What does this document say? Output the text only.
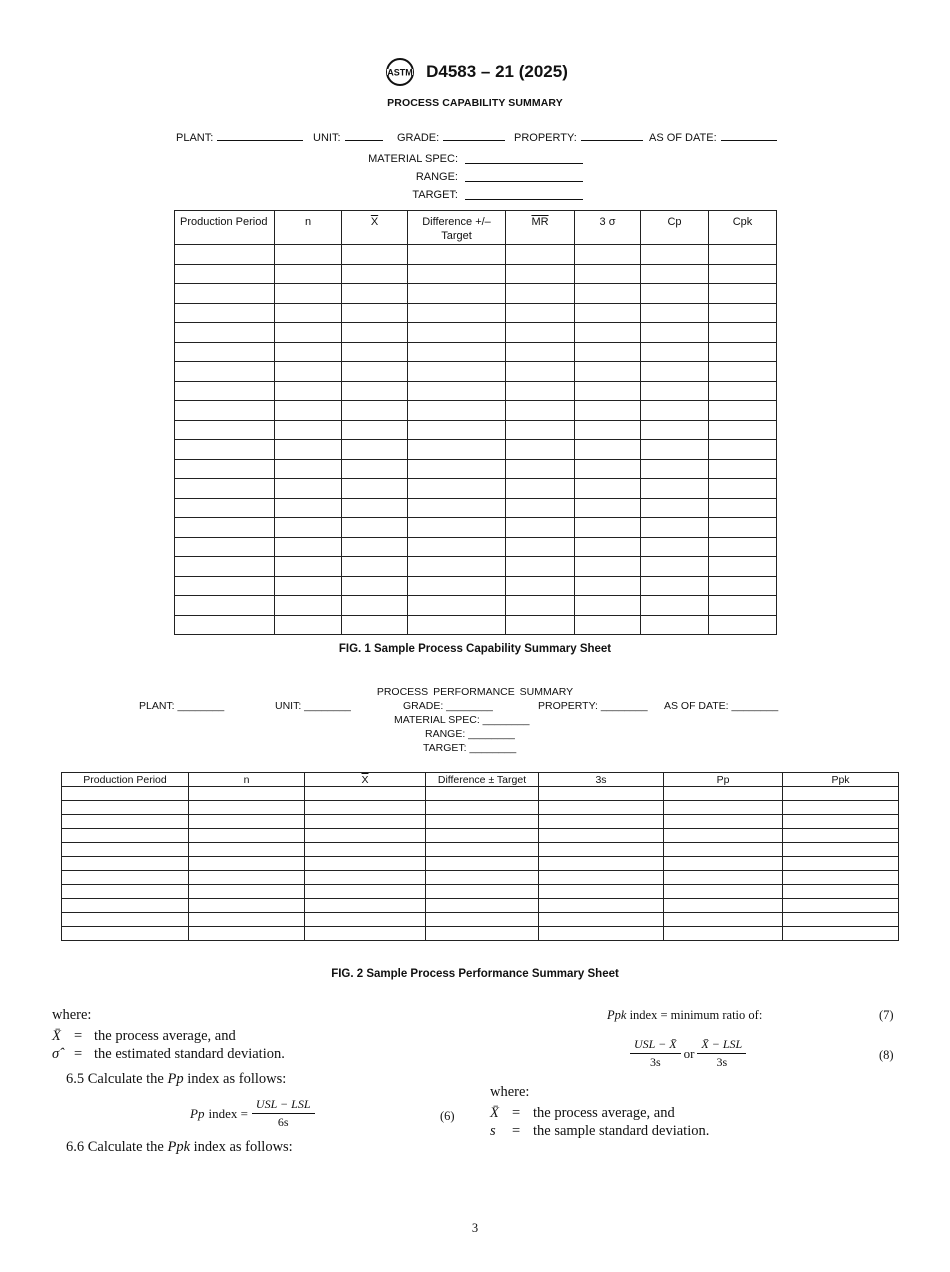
ASTM D4583 – 21 (2025)
PROCESS CAPABILITY SUMMARY
PLANT:	UNIT:	GRADE:	PROPERTY:	AS OF DATE:
MATERIAL SPEC:
RANGE:
TARGET:
Production Period	n	$\overline{X}$	Difference +/– Target	$\overline{MR}$	3 σ	Cp	Cpk

FIG. 1 Sample Process Capability Summary Sheet
PROCESS PERFORMANCE SUMMARY
PLANT: ________	UNIT: ________	GRADE: ________	PROPERTY: ________ AS OF DATE: ________
MATERIAL SPEC: ________
RANGE: ________
TARGET: ________
Production Period	n	$\overline{X}$	Difference ± Target	3s	Pp	Ppk

FIG. 2 Sample Process Performance Summary Sheet
where:
X̄ = the process average, and
σ̂ = the estimated standard deviation.
6.5 Calculate the Pp index as follows:
Pp index = $\frac{\text{USL − LSL}}{6s}$	(6)
6.6 Calculate the Ppk index as follows:
Ppk index = minimum ratio of:	(7)
$\frac{\text{USL − X̄}}{3s}$ or $\frac{\text{X̄ − LSL}}{3s}$	(8)
where:
X̄ = the process average, and
s = the sample standard deviation.
3
